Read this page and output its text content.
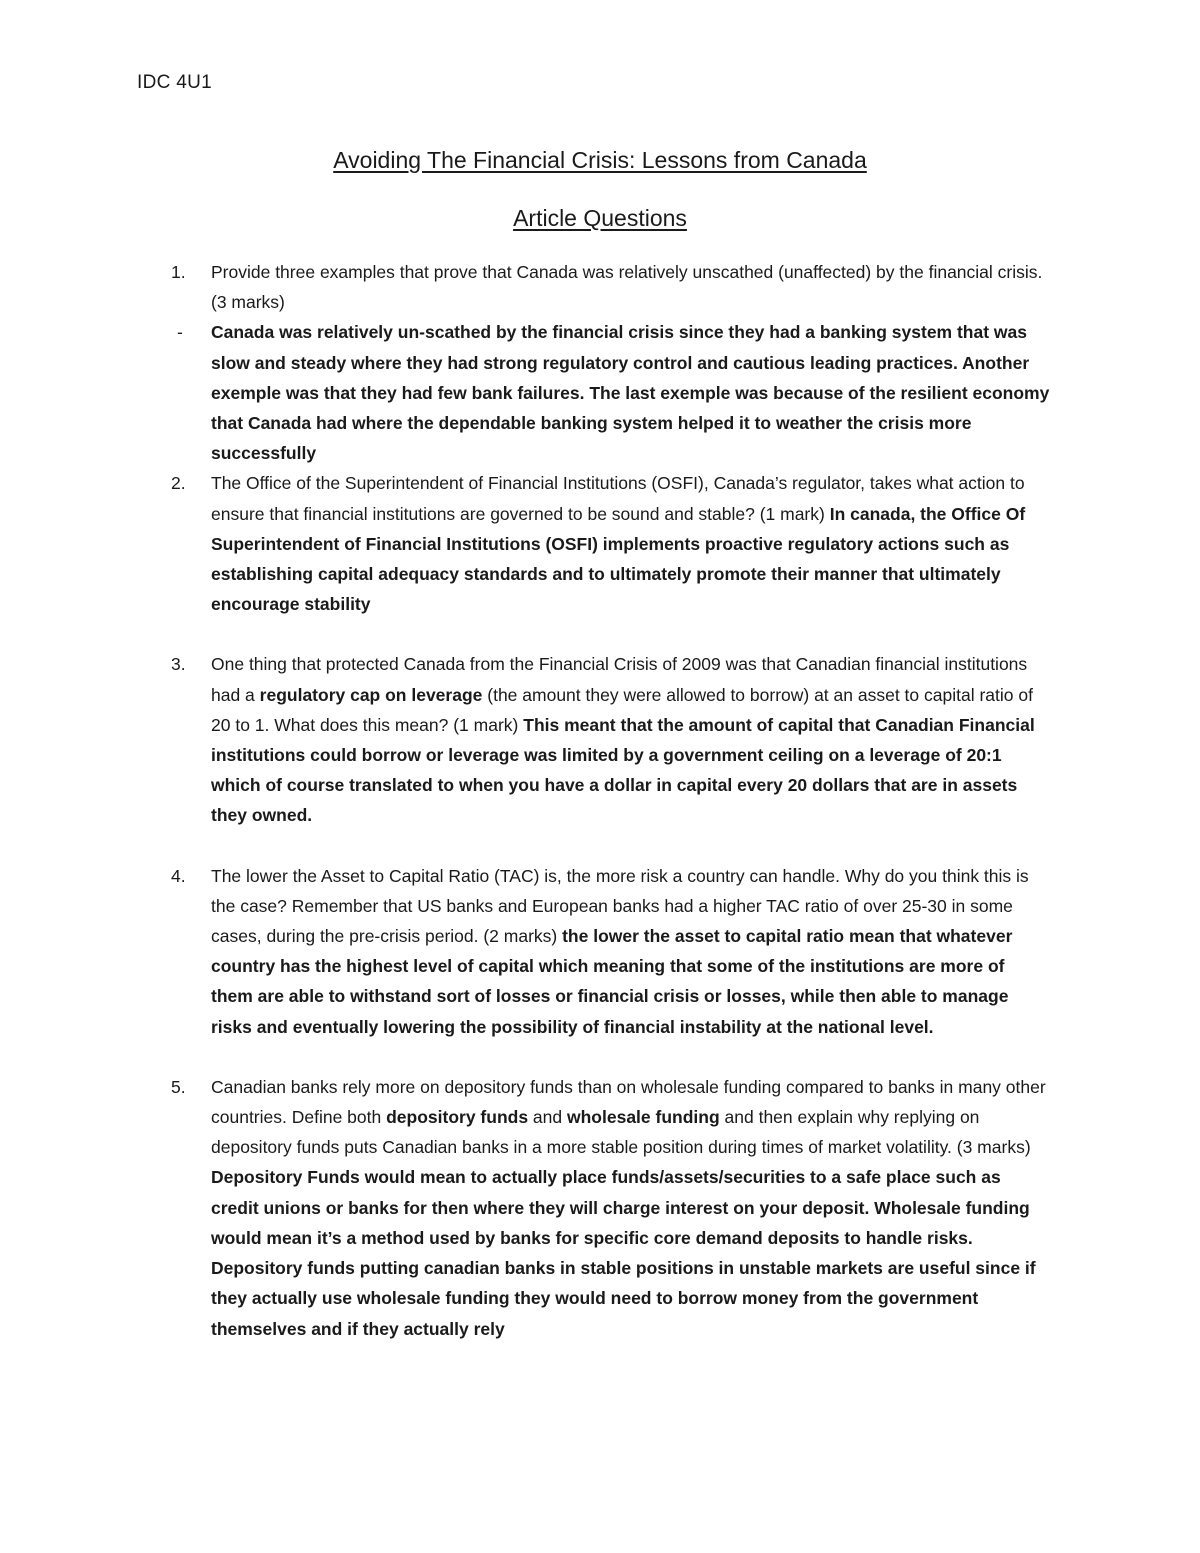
IDC 4U1
Avoiding The Financial Crisis: Lessons from Canada
Article Questions
1. Provide three examples that prove that Canada was relatively unscathed (unaffected) by the financial crisis. (3 marks)
- Canada was relatively un-scathed by the financial crisis since they had a banking system that was slow and steady where they had strong regulatory control and cautious leading practices. Another exemple was that they had few bank failures. The last exemple was because of the resilient economy that Canada had where the dependable banking system helped it to weather the crisis more successfully
2. The Office of the Superintendent of Financial Institutions (OSFI), Canada’s regulator, takes what action to ensure that financial institutions are governed to be sound and stable? (1 mark) In canada, the Office Of Superintendent of Financial Institutions (OSFI) implements proactive regulatory actions such as establishing capital adequacy standards and to ultimately promote their manner that ultimately encourage stability
3. One thing that protected Canada from the Financial Crisis of 2009 was that Canadian financial institutions had a regulatory cap on leverage (the amount they were allowed to borrow) at an asset to capital ratio of 20 to 1. What does this mean? (1 mark) This meant that the amount of capital that Canadian Financial institutions could borrow or leverage was limited by a government ceiling on a leverage of 20:1 which of course translated to when you have a dollar in capital every 20 dollars that are in assets they owned.
4. The lower the Asset to Capital Ratio (TAC) is, the more risk a country can handle. Why do you think this is the case? Remember that US banks and European banks had a higher TAC ratio of over 25-30 in some cases, during the pre-crisis period. (2 marks) the lower the asset to capital ratio mean that whatever country has the highest level of capital which meaning that some of the institutions are more of them are able to withstand sort of losses or financial crisis or losses, while then able to manage risks and eventually lowering the possibility of financial instability at the national level.
5. Canadian banks rely more on depository funds than on wholesale funding compared to banks in many other countries. Define both depository funds and wholesale funding and then explain why replying on depository funds puts Canadian banks in a more stable position during times of market volatility. (3 marks) Depository Funds would mean to actually place funds/assets/securities to a safe place such as credit unions or banks for then where they will charge interest on your deposit. Wholesale funding would mean it’s a method used by banks for specific core demand deposits to handle risks. Depository funds putting canadian banks in stable positions in unstable markets are useful since if they actually use wholesale funding they would need to borrow money from the government themselves and if they actually rely
